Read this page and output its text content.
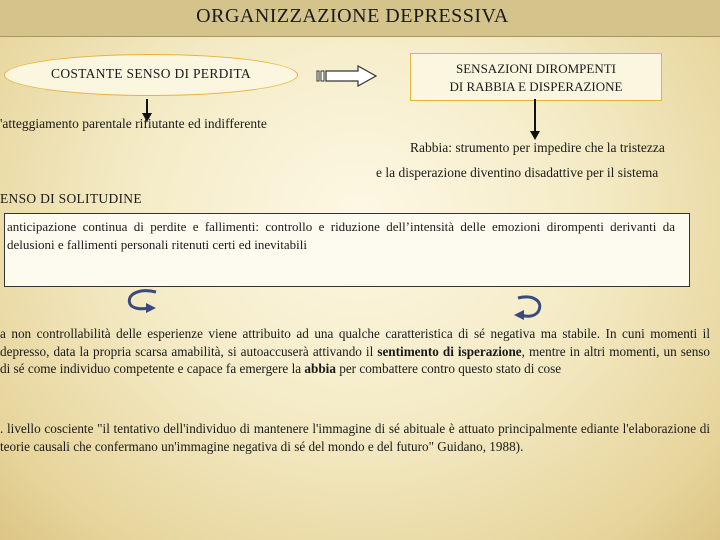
ORGANIZZAZIONE DEPRESSIVA
COSTANTE SENSO DI PERDITA	SENSAZIONI DIROMPENTI
DI RABBIA E DISPERAZIONE
'atteggiamento parentale rifiutante ed indifferente
Rabbia: strumento per impedire che la tristezza
e la disperazione diventino disadattive per il sistema
ENSO DI SOLITUDINE
anticipazione continua di perdite e fallimenti: controllo e riduzione dell’intensità delle emozioni dirompenti derivanti da delusioni e fallimenti personali ritenuti certi ed inevitabili
a non controllabilità delle esperienze viene attribuito ad una qualche caratteristica di sé negativa ma stabile. In cuni momenti il depresso, data la propria scarsa amabilità, si autoaccuserà attivando il sentimento di isperazione, mentre in altri momenti, un senso di sé come individuo competente e capace fa emergere la abbia per combattere contro questo stato di cose
. livello cosciente "il tentativo dell'individuo di mantenere l'immagine di sé abituale è attuato principalmente ediante l'elaborazione di teorie causali che confermano un'immagine negativa di sé del mondo e del futuro" Guidano, 1988).
